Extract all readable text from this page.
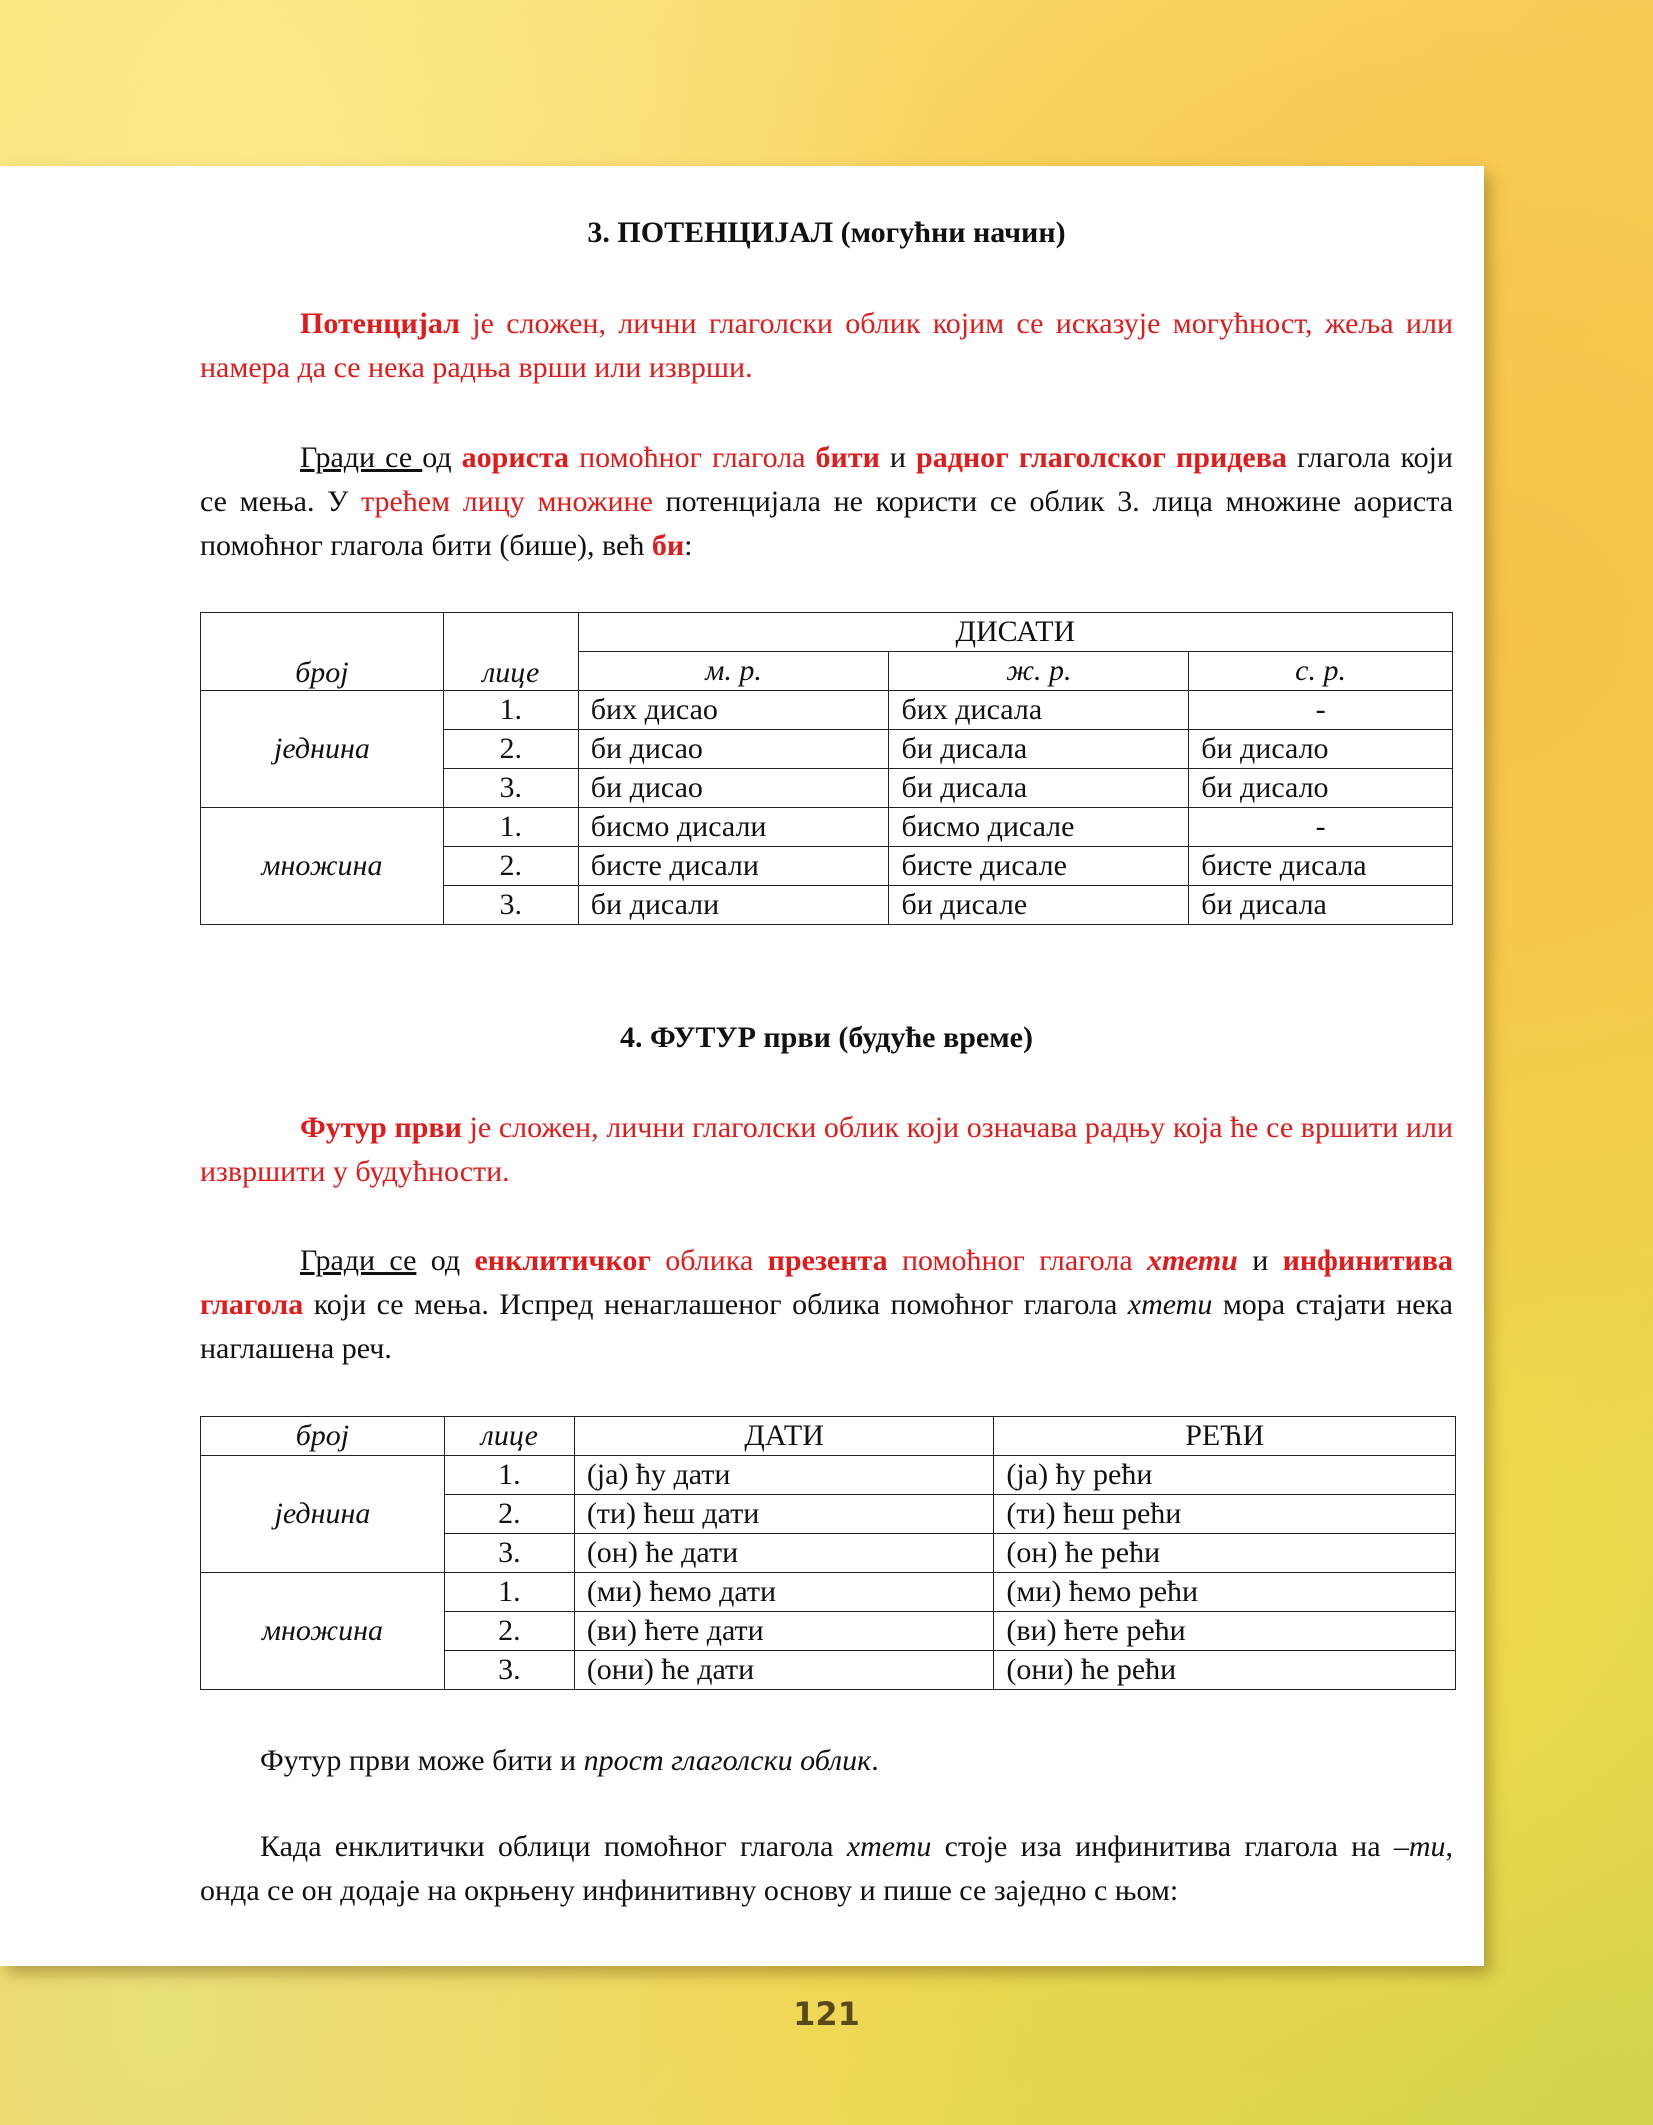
3. ПОТЕНЦИЈАЛ (могућни начин)
Потенцијал је сложен, лични глаголски облик којим се исказује могућност, жеља или намера да се нека радња врши или изврши.
Гради се од аориста помоћног глагола бити и радног глаголског придева глагола који се мења. У трећем лицу множине потенцијала не користи се облик 3. лица множине аориста помоћног глагола бити (бише), већ би:
број	лице	ДИСАТИ		
		м. р.	ж. р.	с. р.
једнина	1.	бих дисао	бих дисала	-
	2.	би дисао	би дисала	би дисало
	3.	би дисао	би дисала	би дисало
множина	1.	бисмо дисали	бисмо дисале	-
	2.	бисте дисали	бисте дисале	бисте дисала
	3.	би дисали	би дисале	би дисала
4. ФУТУР први (будуће време)
Футур први је сложен, лични глаголски облик који означава радњу која ће се вршити или извршити у будућности.
Гради се од енклитичког облика презента помоћног глагола хтети и инфинитива глагола који се мења. Испред ненаглашеног облика помоћног глагола хтети мора стајати нека наглашена реч.
број	лице	ДАТИ	РЕЋИ
једнина	1.	(ја) ћу дати	(ја) ћу рећи
	2.	(ти) ћеш дати	(ти) ћеш рећи
	3.	(он) ће дати	(он) ће рећи
множина	1.	(ми) ћемо дати	(ми) ћемо рећи
	2.	(ви) ћете дати	(ви) ћете рећи
	3.	(они) ће дати	(они) ће рећи
Футур први може бити и прост глаголски облик.
Када енклитички облици помоћног глагола хтети стоје иза инфинитива глагола на –ти, онда се он додаје на окрњену инфинитивну основу и пише се заједно с њом:
121
